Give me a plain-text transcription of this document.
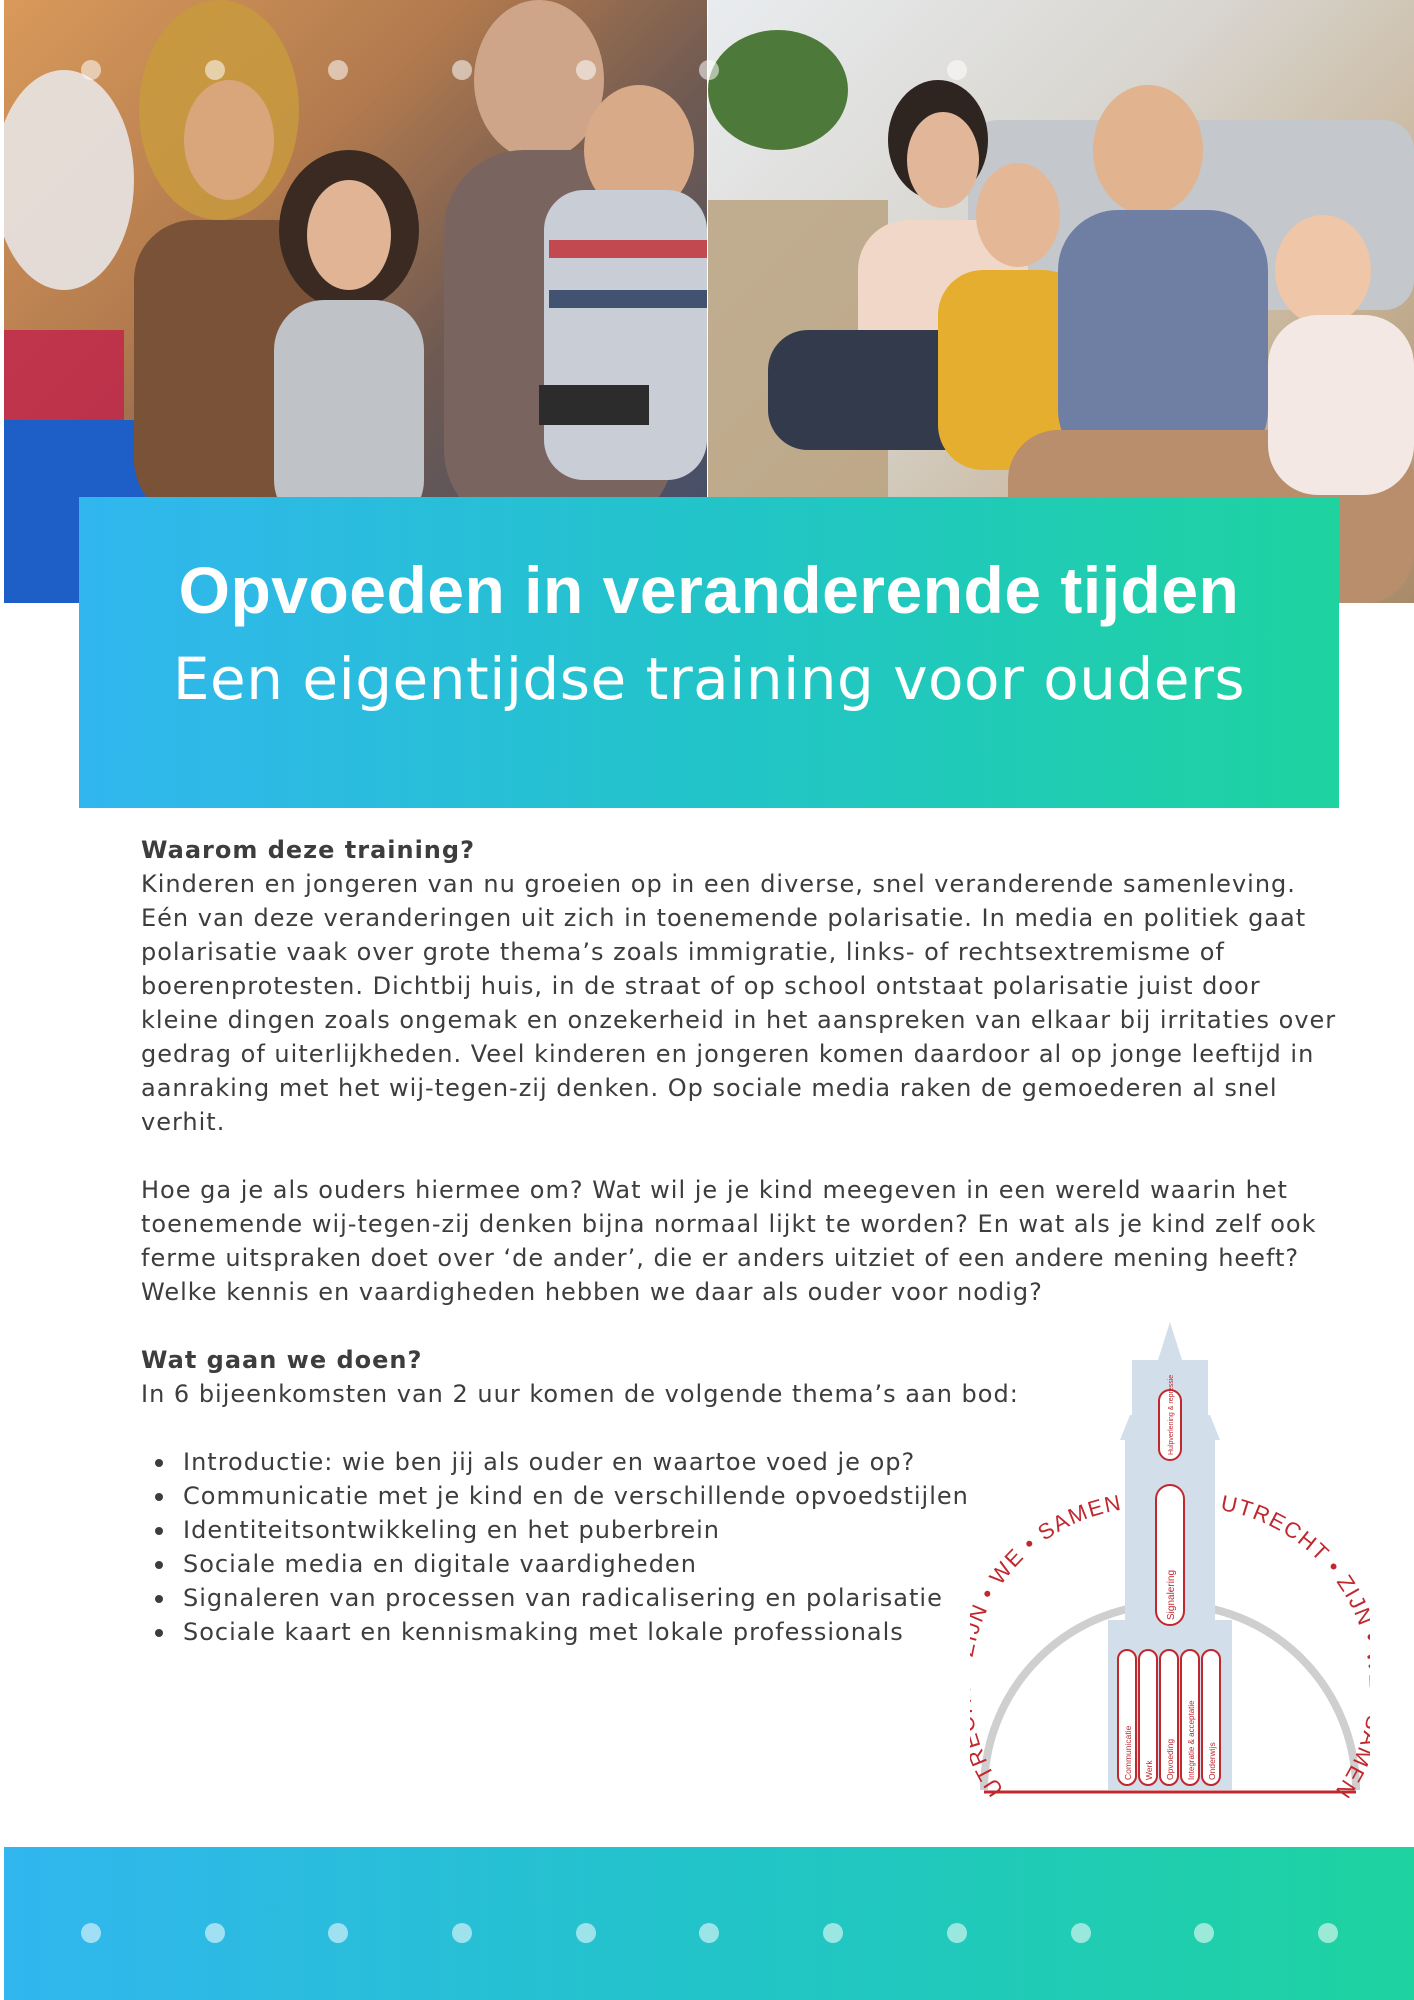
Opvoeden in veranderende tijden
Een eigentijdse training voor ouders

Waarom deze training?

Kinderen en jongeren van nu groeien op in een diverse, snel veranderende samenleving. Eén van deze veranderingen uit zich in toenemende polarisatie. In media en politiek gaat polarisatie vaak over grote thema’s zoals immigratie, links- of rechtsextremisme of boerenprotesten. Dichtbij huis, in de straat of op school ontstaat polarisatie juist door kleine dingen zoals ongemak en onzekerheid in het aanspreken van elkaar bij irritaties over gedrag of uiterlijkheden. Veel kinderen en jongeren komen daardoor al op jonge leeftijd in aanraking met het wij-tegen-zij denken. Op sociale media raken de gemoederen al snel verhit.

Hoe ga je als ouders hiermee om? Wat wil je je kind meegeven in een wereld waarin het toenemende wij-tegen-zij denken bijna normaal lijkt te worden? En wat als je kind zelf ook ferme uitspraken doet over ‘de ander’, die er anders uitziet of een andere mening heeft? Welke kennis en vaardigheden hebben we daar als ouder voor nodig?

Wat gaan we doen?

In 6 bijeenkomsten van 2 uur komen de volgende thema’s aan bod:

Introductie: wie ben jij als ouder en waartoe voed je op?
Communicatie met je kind en de verschillende opvoedstijlen
Identiteitsontwikkeling en het puberbrein
Sociale media en digitale vaardigheden
Signaleren van processen van radicalisering en polarisatie
Sociale kaart en kennismaking met lokale professionals
Hulpverlening & repressie
Signalering
Communicatie Werk Opvoeding Integratie & acceptatie Onderwijs
UT • WE • SAMEN	UTRECHT • ZIJ EN
